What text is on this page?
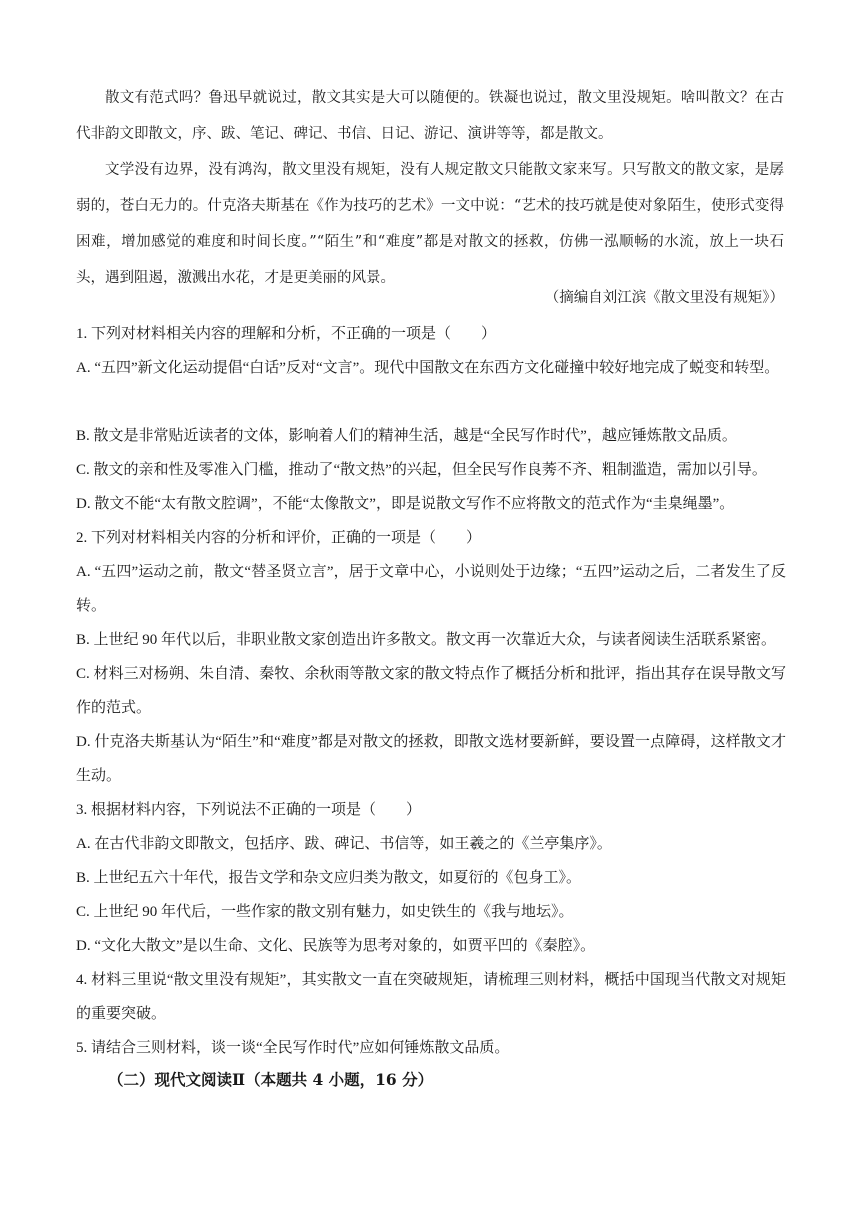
散文有范式吗？鲁迅早就说过，散文其实是大可以随便的。铁凝也说过，散文里没规矩。啥叫散文？在古代非韵文即散文，序、跋、笔记、碑记、书信、日记、游记、演讲等等，都是散文。

文学没有边界，没有鸿沟，散文里没有规矩，没有人规定散文只能散文家来写。只写散文的散文家，是孱弱的，苍白无力的。什克洛夫斯基在《作为技巧的艺术》一文中说：“艺术的技巧就是使对象陌生，使形式变得困难，增加感觉的难度和时间长度。”“陌生”和“难度”都是对散文的拯救，仿佛一泓顺畅的水流，放上一块石头，遇到阻遏，激溅出水花，才是更美丽的风景。

（摘编自刘江滨《散文里没有规矩》）

1. 下列对材料相关内容的理解和分析，不正确的一项是（　　）

A. “五四”新文化运动提倡“白话”反对“文言”。现代中国散文在东西方文化碰撞中较好地完成了蜕变和转型。

B. 散文是非常贴近读者的文体，影响着人们的精神生活，越是“全民写作时代”，越应锤炼散文品质。

C. 散文的亲和性及零准入门槛，推动了“散文热”的兴起，但全民写作良莠不齐、粗制滥造，需加以引导。

D. 散文不能“太有散文腔调”，不能“太像散文”，即是说散文写作不应将散文的范式作为“圭臬绳墨”。

2. 下列对材料相关内容的分析和评价，正确的一项是（　　）

A. “五四”运动之前，散文“替圣贤立言”，居于文章中心，小说则处于边缘；“五四”运动之后，二者发生了反转。

B. 上世纪 90 年代以后，非职业散文家创造出许多散文。散文再一次靠近大众，与读者阅读生活联系紧密。

C. 材料三对杨朔、朱自清、秦牧、余秋雨等散文家的散文特点作了概括分析和批评，指出其存在误导散文写作的范式。

D. 什克洛夫斯基认为“陌生”和“难度”都是对散文的拯救，即散文选材要新鲜，要设置一点障碍，这样散文才生动。

3. 根据材料内容，下列说法不正确的一项是（　　）

A. 在古代非韵文即散文，包括序、跋、碑记、书信等，如王羲之的《兰亭集序》。

B. 上世纪五六十年代，报告文学和杂文应归类为散文，如夏衍的《包身工》。

C. 上世纪 90 年代后，一些作家的散文别有魅力，如史铁生的《我与地坛》。

D. “文化大散文”是以生命、文化、民族等为思考对象的，如贾平凹的《秦腔》。

4. 材料三里说“散文里没有规矩”，其实散文一直在突破规矩，请梳理三则材料，概括中国现当代散文对规矩的重要突破。

5. 请结合三则材料，谈一谈“全民写作时代”应如何锤炼散文品质。

（二）现代文阅读Ⅱ（本题共 4 小题，16 分）
